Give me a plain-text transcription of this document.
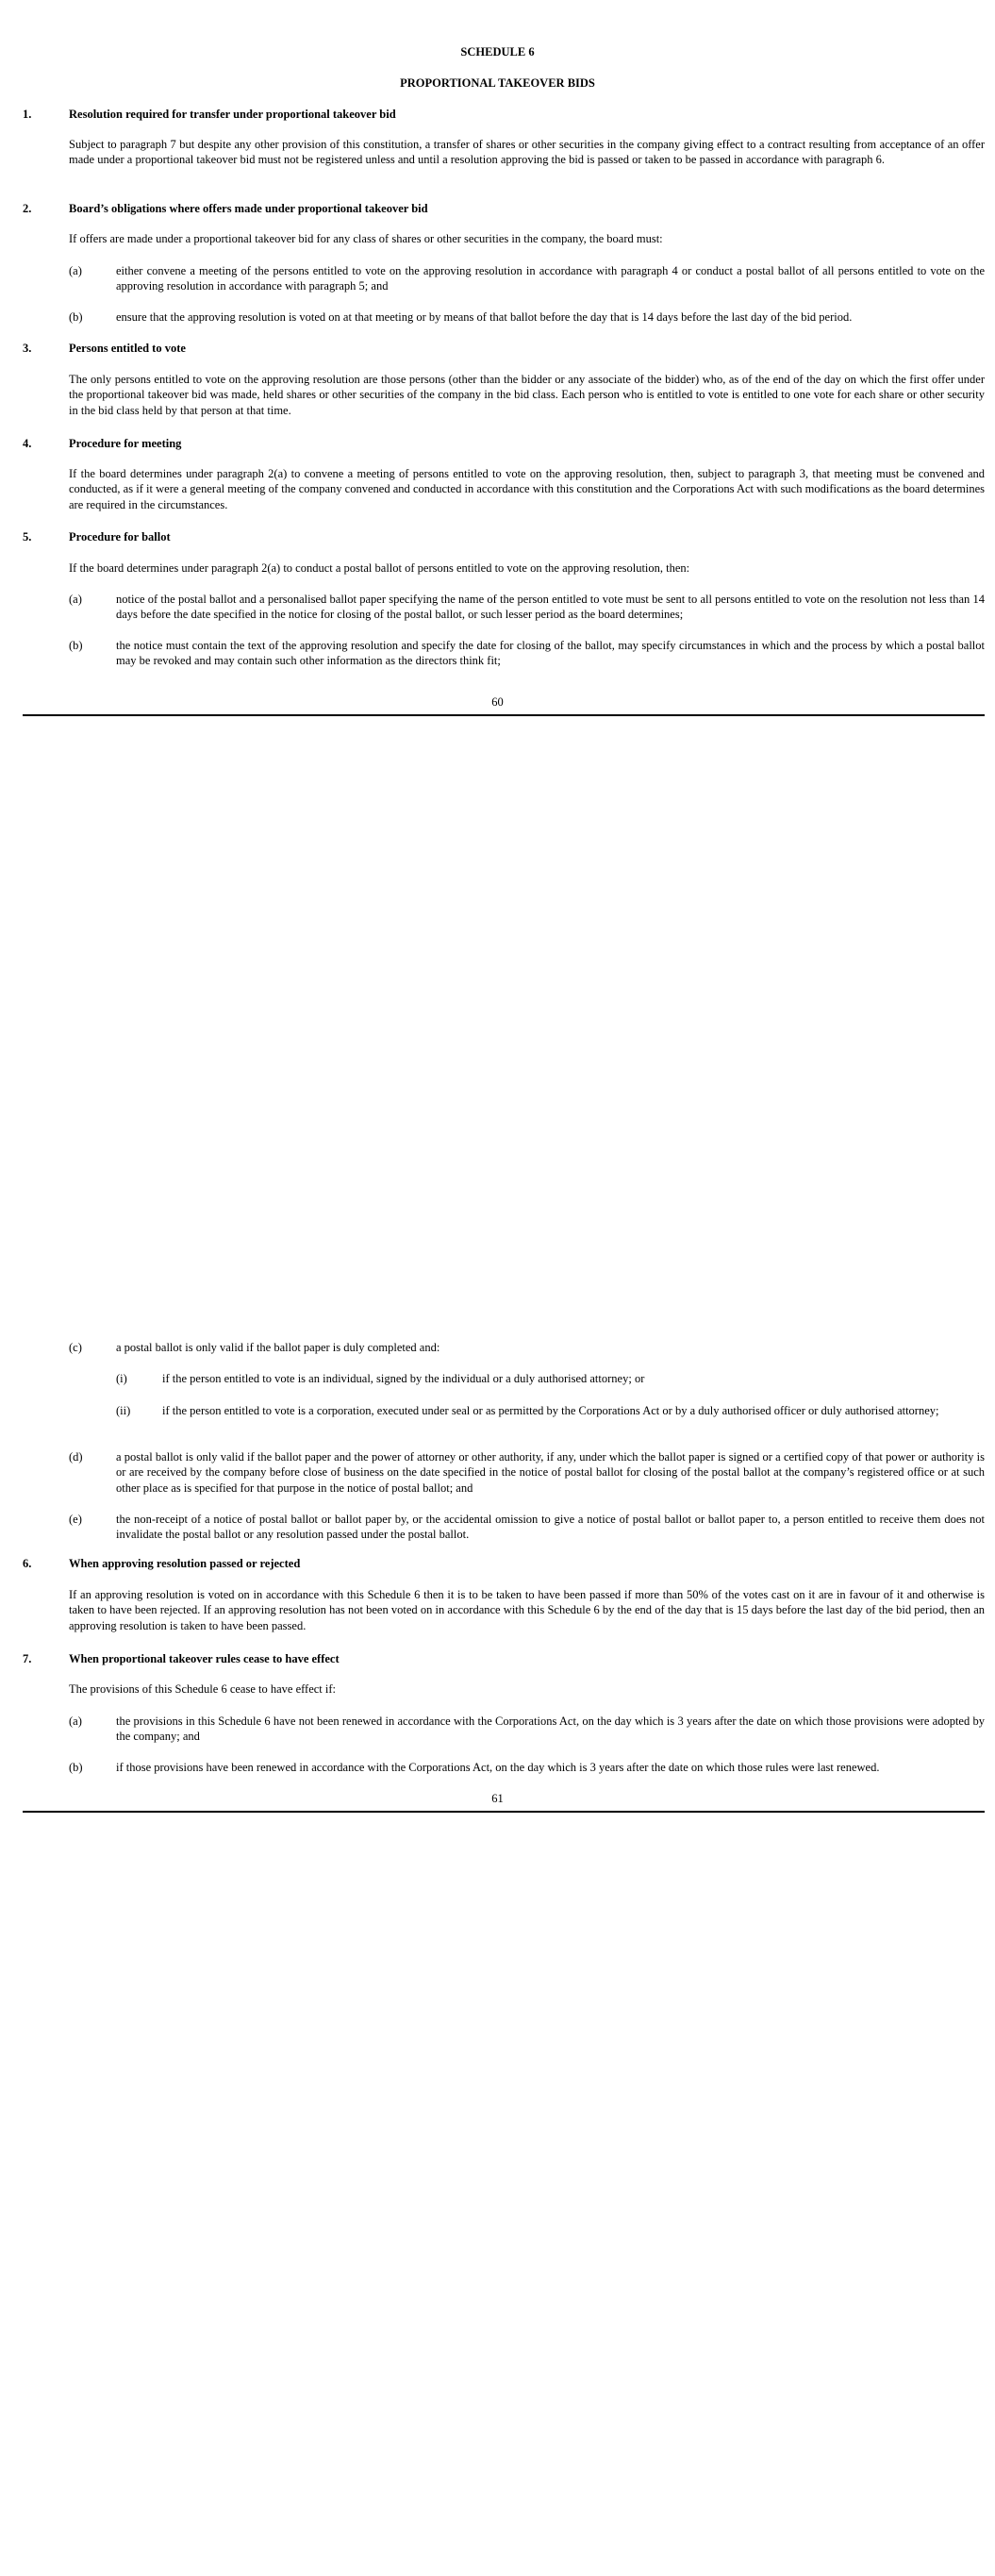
SCHEDULE 6
PROPORTIONAL TAKEOVER BIDS
1.	Resolution required for transfer under proportional takeover bid
Subject to paragraph 7 but despite any other provision of this constitution, a transfer of shares or other securities in the company giving effect to a contract resulting from acceptance of an offer made under a proportional takeover bid must not be registered unless and until a resolution approving the bid is passed or taken to be passed in accordance with paragraph 6.
2.	Board’s obligations where offers made under proportional takeover bid
If offers are made under a proportional takeover bid for any class of shares or other securities in the company, the board must:
(a)	either convene a meeting of the persons entitled to vote on the approving resolution in accordance with paragraph 4 or conduct a postal ballot of all persons entitled to vote on the approving resolution in accordance with paragraph 5; and
(b)	ensure that the approving resolution is voted on at that meeting or by means of that ballot before the day that is 14 days before the last day of the bid period.
3.	Persons entitled to vote
The only persons entitled to vote on the approving resolution are those persons (other than the bidder or any associate of the bidder) who, as of the end of the day on which the first offer under the proportional takeover bid was made, held shares or other securities of the company in the bid class. Each person who is entitled to vote is entitled to one vote for each share or other security in the bid class held by that person at that time.
4.	Procedure for meeting
If the board determines under paragraph 2(a) to convene a meeting of persons entitled to vote on the approving resolution, then, subject to paragraph 3, that meeting must be convened and conducted, as if it were a general meeting of the company convened and conducted in accordance with this constitution and the Corporations Act with such modifications as the board determines are required in the circumstances.
5.	Procedure for ballot
If the board determines under paragraph 2(a) to conduct a postal ballot of persons entitled to vote on the approving resolution, then:
(a)	notice of the postal ballot and a personalised ballot paper specifying the name of the person entitled to vote must be sent to all persons entitled to vote on the resolution not less than 14 days before the date specified in the notice for closing of the postal ballot, or such lesser period as the board determines;
(b)	the notice must contain the text of the approving resolution and specify the date for closing of the ballot, may specify circumstances in which and the process by which a postal ballot may be revoked and may contain such other information as the directors think fit;
60
(c)	a postal ballot is only valid if the ballot paper is duly completed and:
(i)	if the person entitled to vote is an individual, signed by the individual or a duly authorised attorney; or
(ii)	if the person entitled to vote is a corporation, executed under seal or as permitted by the Corporations Act or by a duly authorised officer or duly authorised attorney;
(d)	a postal ballot is only valid if the ballot paper and the power of attorney or other authority, if any, under which the ballot paper is signed or a certified copy of that power or authority is or are received by the company before close of business on the date specified in the notice of postal ballot for closing of the postal ballot at the company’s registered office or at such other place as is specified for that purpose in the notice of postal ballot; and
(e)	the non-receipt of a notice of postal ballot or ballot paper by, or the accidental omission to give a notice of postal ballot or ballot paper to, a person entitled to receive them does not invalidate the postal ballot or any resolution passed under the postal ballot.
6.	When approving resolution passed or rejected
If an approving resolution is voted on in accordance with this Schedule 6 then it is to be taken to have been passed if more than 50% of the votes cast on it are in favour of it and otherwise is taken to have been rejected. If an approving resolution has not been voted on in accordance with this Schedule 6 by the end of the day that is 15 days before the last day of the bid period, then an approving resolution is taken to have been passed.
7.	When proportional takeover rules cease to have effect
The provisions of this Schedule 6 cease to have effect if:
(a)	the provisions in this Schedule 6 have not been renewed in accordance with the Corporations Act, on the day which is 3 years after the date on which those provisions were adopted by the company; and
(b)	if those provisions have been renewed in accordance with the Corporations Act, on the day which is 3 years after the date on which those rules were last renewed.
61
